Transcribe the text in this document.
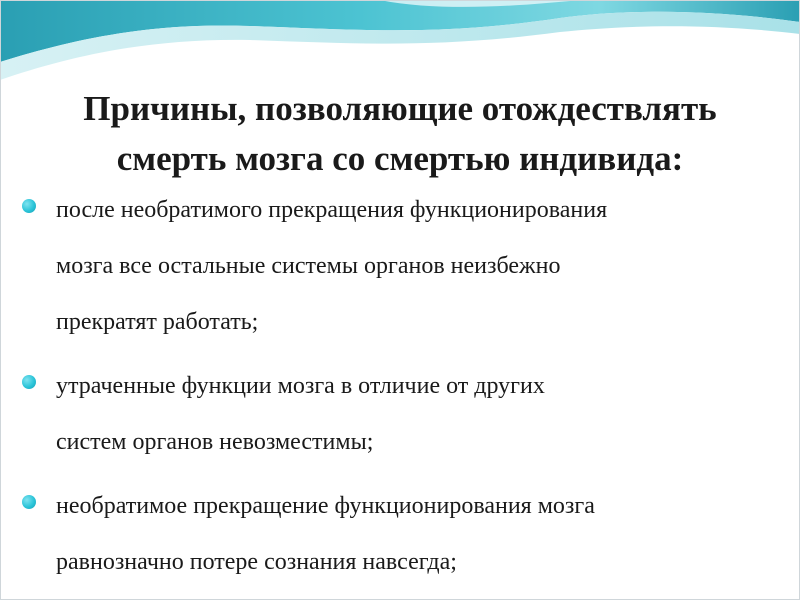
Причины, позволяющие отождествлять
смерть мозга со смертью индивида:
после необратимого прекращения функционирования
мозга все остальные системы органов неизбежно
прекратят работать;
утраченные функции мозга в отличие от других
систем органов невозместимы;
необратимое прекращение функционирования мозга
равнозначно потере сознания навсегда;
